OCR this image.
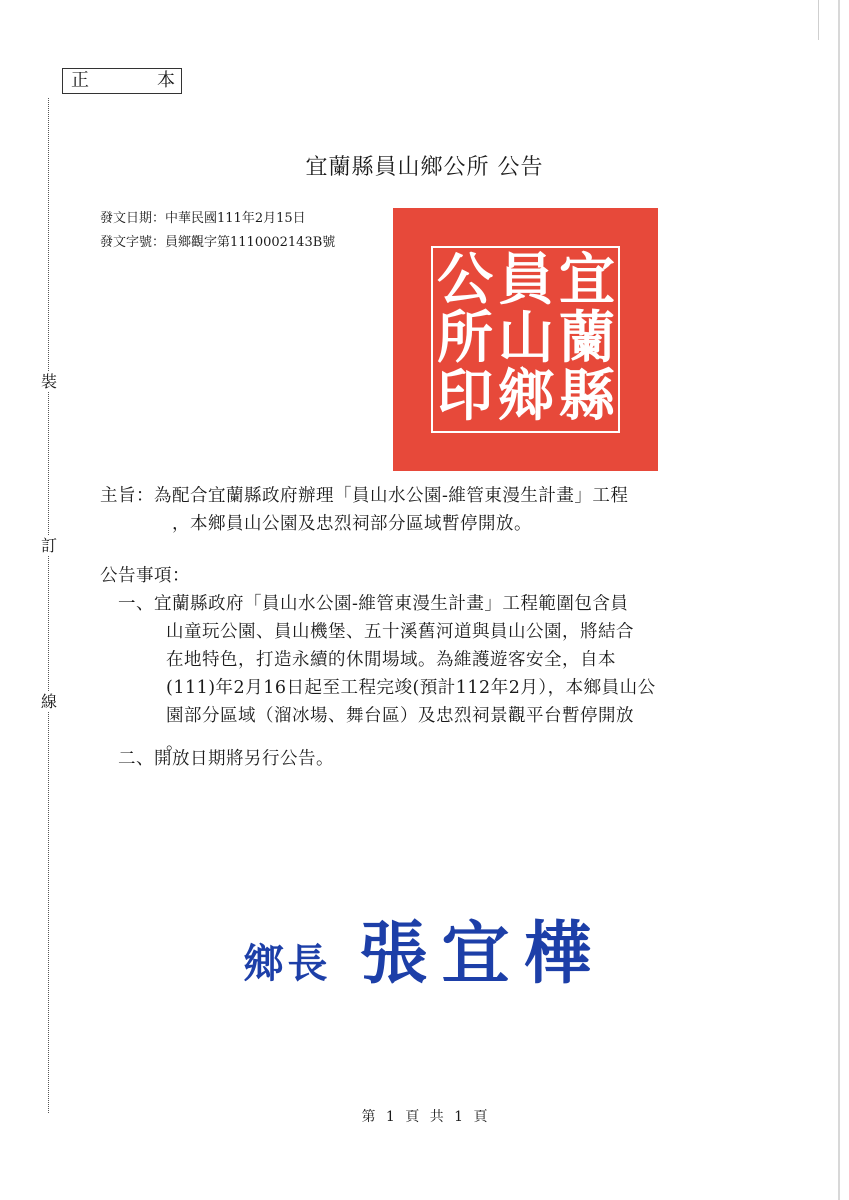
正	本
裝
訂
線
宜蘭縣員山鄉公所 公告
發文日期：中華民國111年2月15日
發文字號：員鄉觀字第1110002143B號
宜
蘭
縣
員
山
鄉
公
所
印
主旨：為配合宜蘭縣政府辦理「員山水公園-維管東漫生計畫」工程
，本鄉員山公園及忠烈祠部分區域暫停開放。
公告事項：
一、宜蘭縣政府「員山水公園-維管東漫生計畫」工程範圍包含員
山童玩公園、員山機堡、五十溪舊河道與員山公園，將結合
在地特色，打造永續的休閒場域。為維護遊客安全，自本
(111)年2月16日起至工程完竣(預計112年2月），本鄉員山公
園部分區域（溜冰場、舞台區）及忠烈祠景觀平台暫停開放
。
二、開放日期將另行公告。
鄉長 張宜樺
第 1 頁 共 1 頁
